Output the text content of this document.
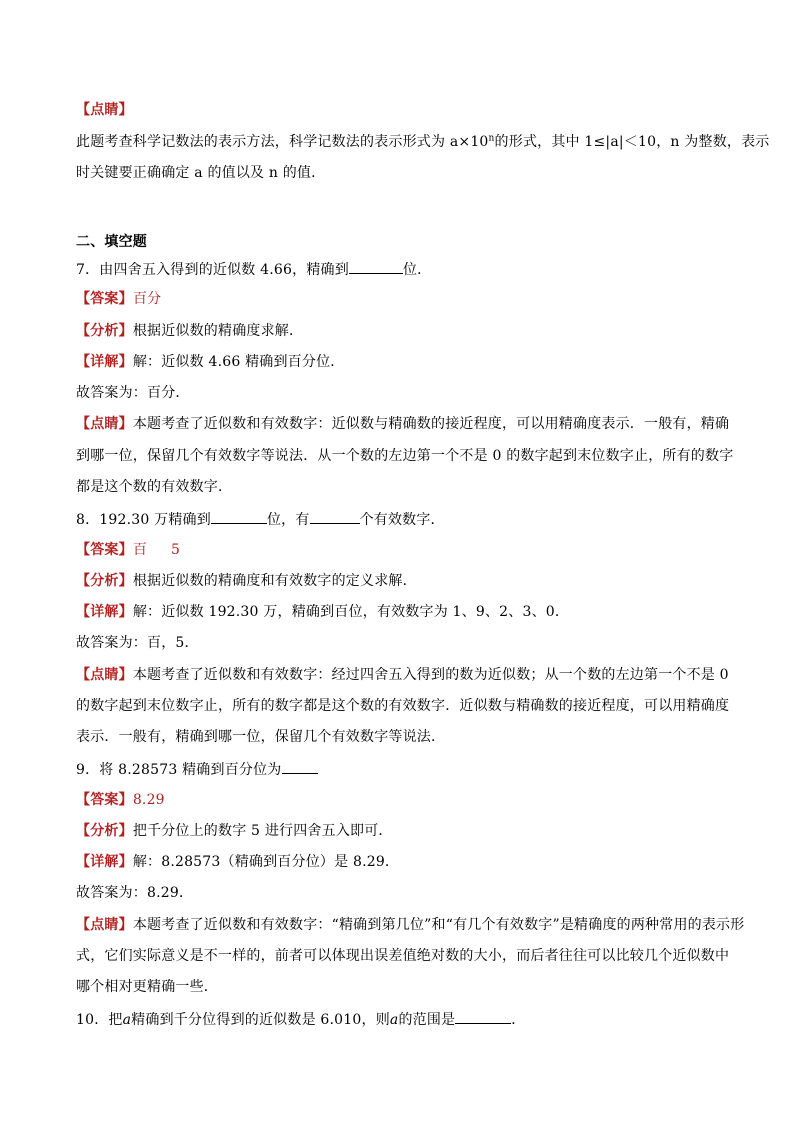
【点睛】
此题考查科学记数法的表示方法，科学记数法的表示形式为 $a\times 10^n$的形式，其中 1≤|a|＜10，n 为整数，表示
时关键要正确确定 a 的值以及 n 的值．
二、填空题
7．由四舍五入得到的近似数 4.66，精确到	位．
【答案】百分
【分析】根据近似数的精确度求解．
【详解】解：近似数 4.66 精确到百分位．
故答案为：百分．
【点睛】本题考查了近似数和有效数字：近似数与精确数的接近程度，可以用精确度表示．一般有，精确
到哪一位，保留几个有效数字等说法．从一个数的左边第一个不是 0 的数字起到末位数字止，所有的数字
都是这个数的有效数字．
8．192.30 万精确到	位，有	个有效数字．
【答案】百 5
【分析】根据近似数的精确度和有效数字的定义求解．
【详解】解：近似数 192.30 万，精确到百位，有效数字为 1、9、2、3、0．
故答案为：百，5．
【点睛】本题考查了近似数和有效数字：经过四舍五入得到的数为近似数；从一个数的左边第一个不是 0
的数字起到末位数字止，所有的数字都是这个数的有效数字．近似数与精确数的接近程度，可以用精确度
表示．一般有，精确到哪一位，保留几个有效数字等说法．
9．将 8.28573 精确到百分位为
【答案】8.29
【分析】把千分位上的数字 5 进行四舍五入即可．
【详解】解：8.28573（精确到百分位）是 8.29．
故答案为：8.29．
【点睛】本题考查了近似数和有效数字：“精确到第几位”和“有几个有效数字”是精确度的两种常用的表示形
式，它们实际意义是不一样的，前者可以体现出误差值绝对数的大小，而后者往往可以比较几个近似数中
哪个相对更精确一些．
10．把a精确到千分位得到的近似数是 6.010，则a的范围是	．
